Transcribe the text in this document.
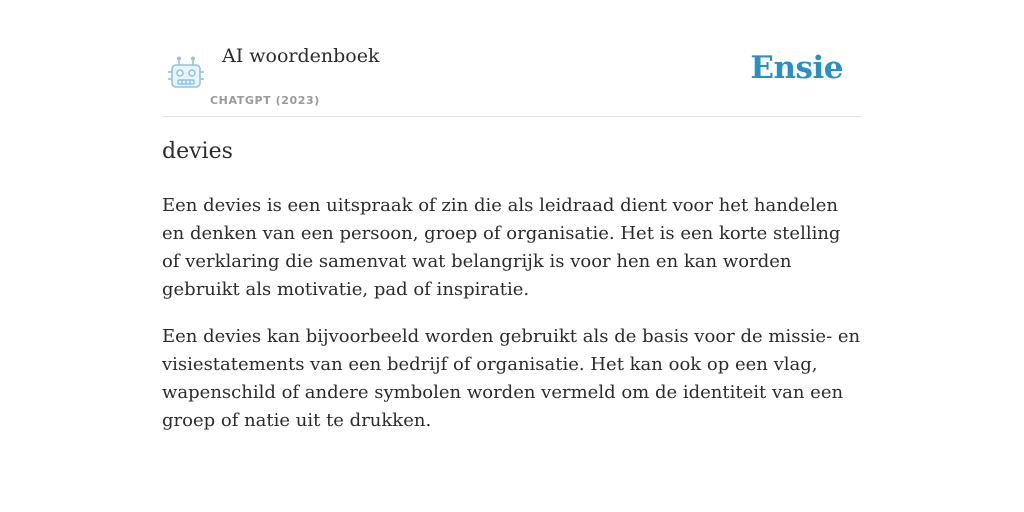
AI woordenboek
CHATGPT (2023)
Ensie
devies

Een devies is een uitspraak of zin die als leidraad dient voor het handelen en denken van een persoon, groep of organisatie. Het is een korte stelling of verklaring die samenvat wat belangrijk is voor hen en kan worden gebruikt als motivatie, pad of inspiratie.

Een devies kan bijvoorbeeld worden gebruikt als de basis voor de missie- en visiestatements van een bedrijf of organisatie. Het kan ook op een vlag, wapenschild of andere symbolen worden vermeld om de identiteit van een groep of natie uit te drukken.
